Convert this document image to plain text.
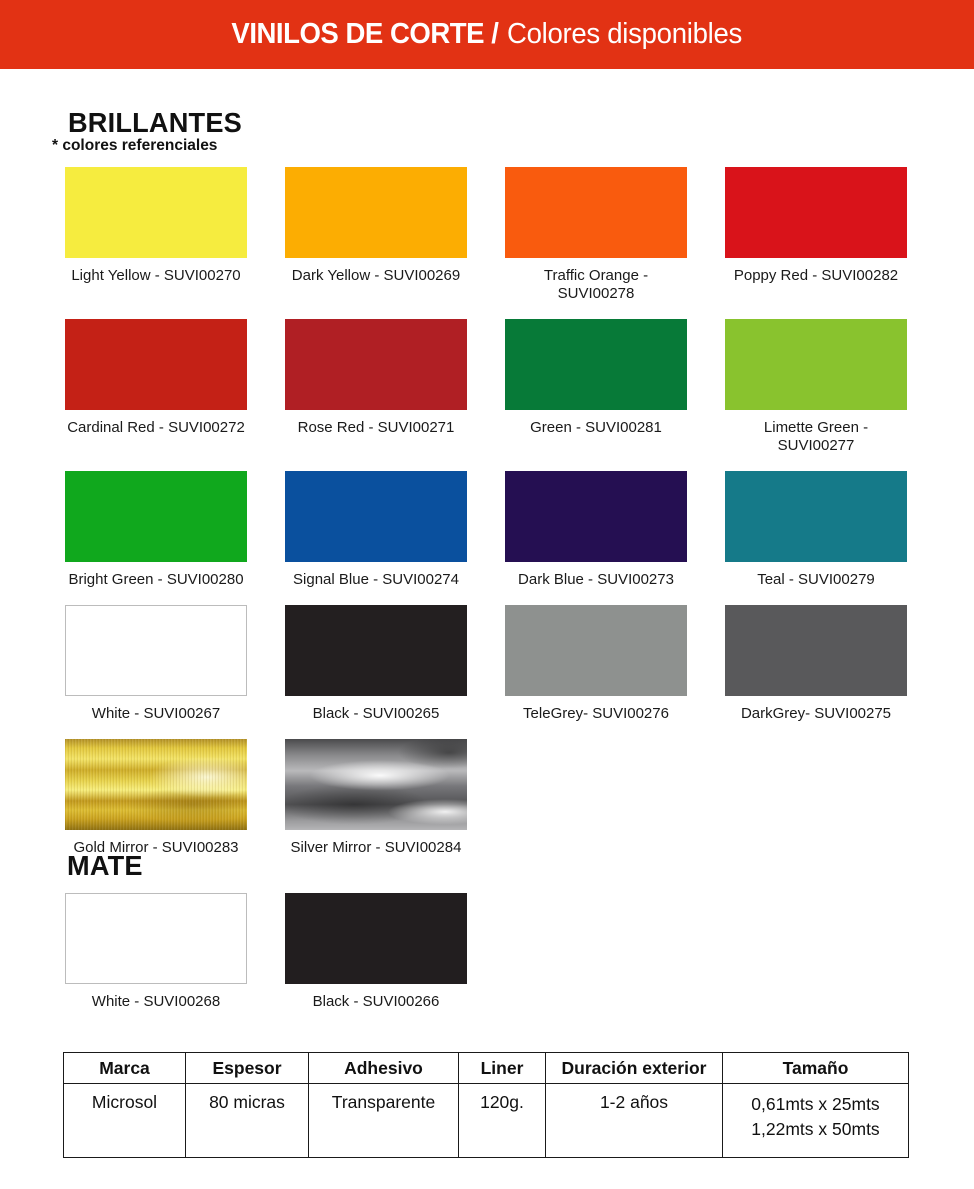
VINILOS DE CORTE / Colores disponibles
BRILLANTES
* colores referenciales
Light Yellow - SUVI00270	Dark Yellow - SUVI00269	Traffic Orange - SUVI00278
Poppy Red - SUVI00282
Cardinal Red - SUVI00272	Rose Red - SUVI00271	Green - SUVI00281	Limette Green - SUVI00277
Bright Green - SUVI00280	Signal Blue - SUVI00274	Dark Blue - SUVI00273	Teal - SUVI00279
White - SUVI00267	Black - SUVI00265	TeleGrey- SUVI00276	DarkGrey- SUVI00275
Gold Mirror - SUVI00283	Silver Mirror - SUVI00284
MATE
White - SUVI00268	Black - SUVI00266
Marca	Espesor	Adhesivo	Liner	Duración exterior	Tamaño
Microsol	80 micras	Transparente	120g.	1-2 años	0,61mts x 25mts
1,22mts x 50mts
